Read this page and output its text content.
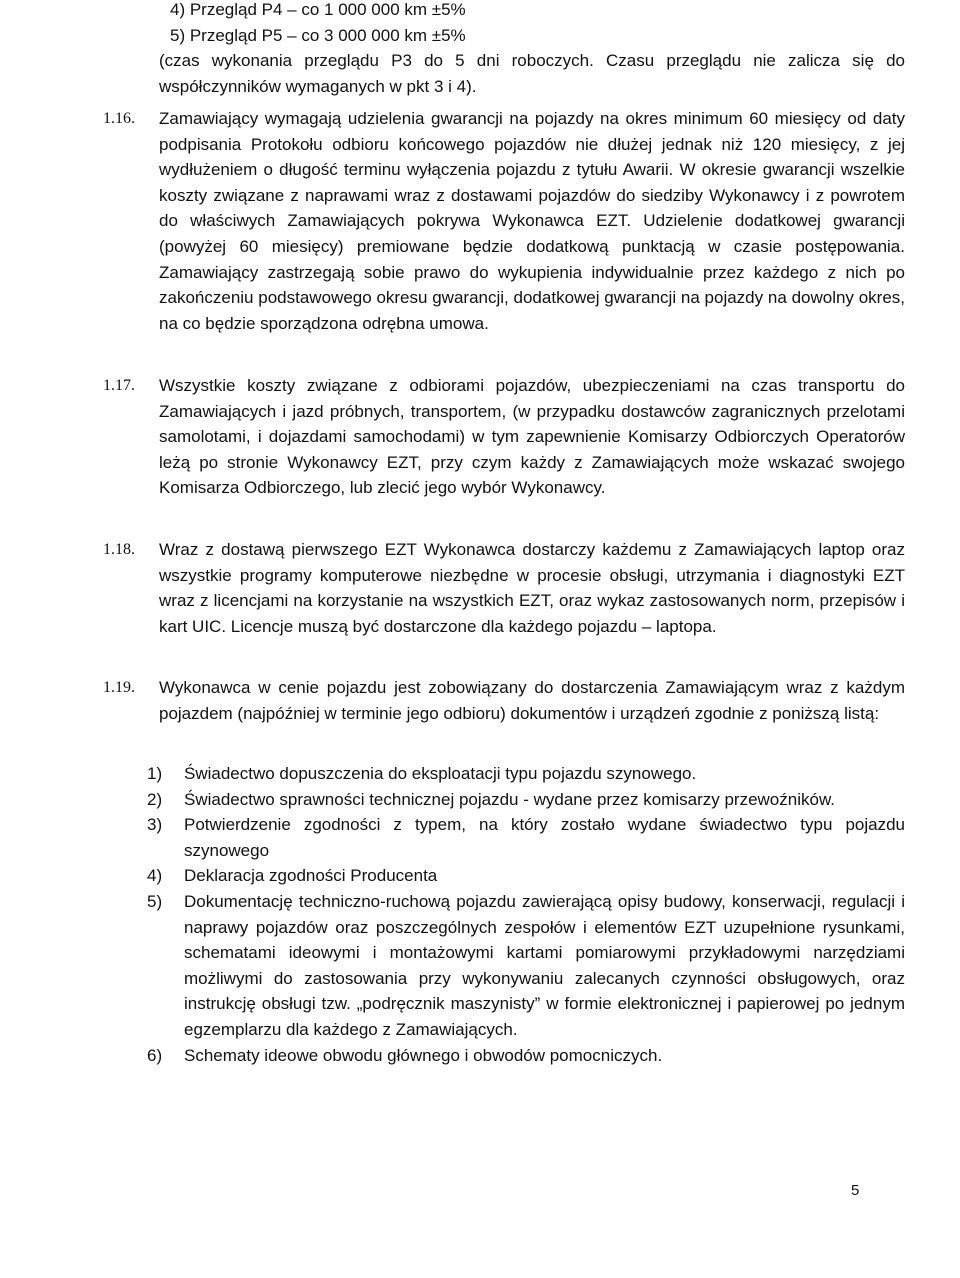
4) Przegląd P4 – co 1 000 000 km ±5%
5) Przegląd P5 – co 3 000 000 km ±5%
(czas wykonania przeglądu P3 do 5 dni roboczych. Czasu przeglądu nie zalicza się do współczynników wymaganych w pkt 3 i 4).
1.16.	Zamawiający wymagają udzielenia gwarancji na pojazdy na okres minimum 60 miesięcy od daty podpisania Protokołu odbioru końcowego pojazdów nie dłużej jednak niż 120 miesięcy, z jej wydłużeniem o długość terminu wyłączenia pojazdu z tytułu Awarii. W okresie gwarancji wszelkie koszty związane z naprawami wraz z dostawami pojazdów do siedziby Wykonawcy i z powrotem do właściwych Zamawiających pokrywa Wykonawca EZT. Udzielenie dodatkowej gwarancji (powyżej 60 miesięcy) premiowane będzie dodatkową punktacją w czasie postępowania. Zamawiający zastrzegają sobie prawo do wykupienia indywidualnie przez każdego z nich po zakończeniu podstawowego okresu gwarancji, dodatkowej gwarancji na pojazdy na dowolny okres, na co będzie sporządzona odrębna umowa.

1.17.	Wszystkie koszty związane z odbiorami pojazdów, ubezpieczeniami na czas transportu do Zamawiających i jazd próbnych, transportem, (w przypadku dostawców zagranicznych przelotami samolotami, i dojazdami samochodami) w tym zapewnienie Komisarzy Odbiorczych Operatorów leżą po stronie Wykonawcy EZT, przy czym każdy z Zamawiających może wskazać swojego Komisarza Odbiorczego, lub zlecić jego wybór Wykonawcy.

1.18.	Wraz z dostawą pierwszego EZT Wykonawca dostarczy każdemu z Zamawiających laptop oraz wszystkie programy komputerowe niezbędne w procesie obsługi, utrzymania i diagnostyki EZT wraz z licencjami na korzystanie na wszystkich EZT, oraz wykaz zastosowanych norm, przepisów i kart UIC. Licencje muszą być dostarczone dla każdego pojazdu – laptopa.

1.19.	Wykonawca w cenie pojazdu jest zobowiązany do dostarczenia Zamawiającym wraz z każdym pojazdem (najpóźniej w terminie jego odbioru) dokumentów i urządzeń zgodnie z poniższą listą:

1) Świadectwo dopuszczenia do eksploatacji typu pojazdu szynowego.
2) Świadectwo sprawności technicznej pojazdu - wydane przez komisarzy przewoźników.
3) Potwierdzenie zgodności z typem, na który zostało wydane świadectwo typu pojazdu szynowego
4) Deklaracja zgodności Producenta
5) Dokumentację techniczno-ruchową pojazdu zawierającą opisy budowy, konserwacji, regulacji i naprawy pojazdów oraz poszczególnych zespołów i elementów EZT uzupełnione rysunkami, schematami ideowymi i montażowymi kartami pomiarowymi przykładowymi narzędziami możliwymi do zastosowania przy wykonywaniu zalecanych czynności obsługowych, oraz instrukcję obsługi tzw. „podręcznik maszynisty” w formie elektronicznej i papierowej po jednym egzemplarzu dla każdego z Zamawiających.
6) Schematy ideowe obwodu głównego i obwodów pomocniczych.
5
